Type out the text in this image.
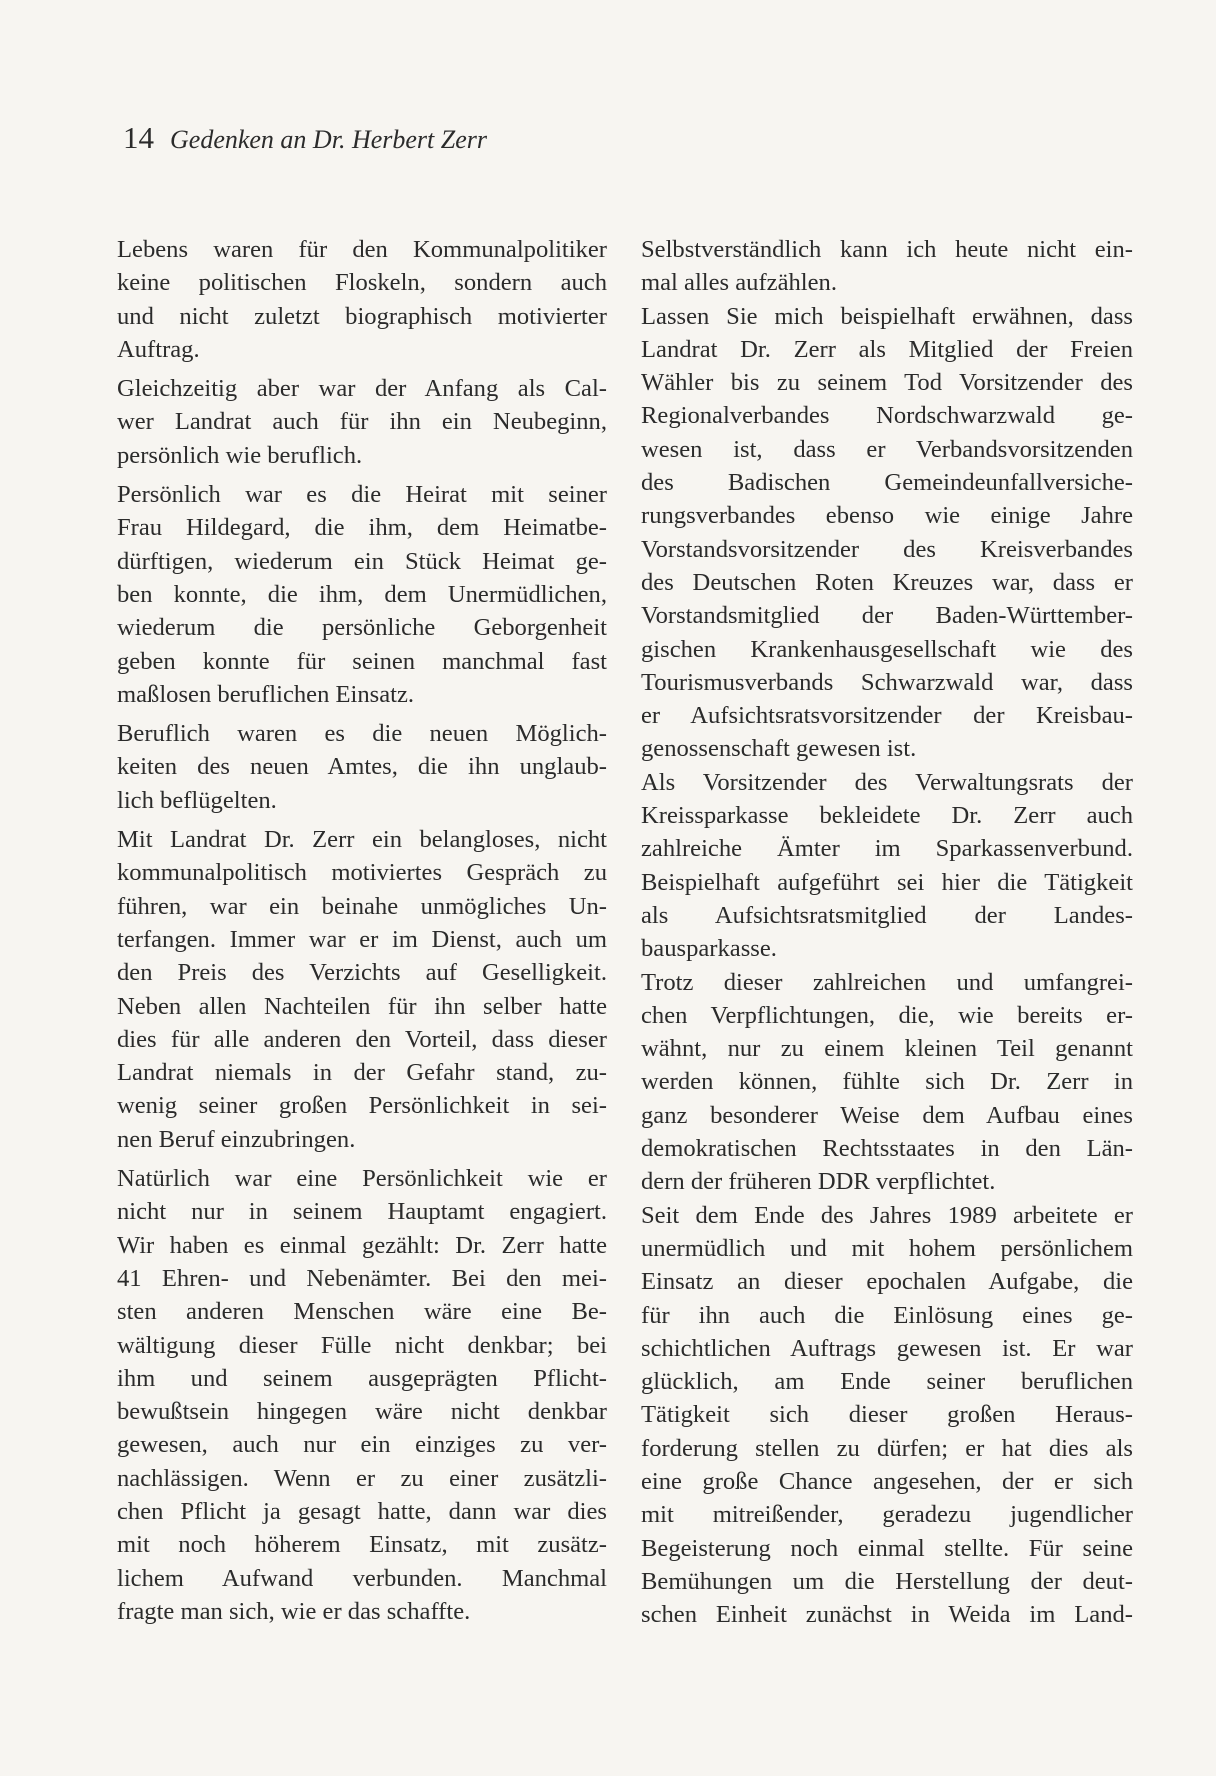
14 Gedenken an Dr. Herbert Zerr
Lebens waren für den Kommunalpolitiker
keine politischen Floskeln, sondern auch
und nicht zuletzt biographisch motivierter
Auftrag.
Gleichzeitig aber war der Anfang als Cal-
wer Landrat auch für ihn ein Neubeginn,
persönlich wie beruflich.
Persönlich war es die Heirat mit seiner
Frau Hildegard, die ihm, dem Heimatbe-
dürftigen, wiederum ein Stück Heimat ge-
ben konnte, die ihm, dem Unermüdlichen,
wiederum die persönliche Geborgenheit
geben konnte für seinen manchmal fast
maßlosen beruflichen Einsatz.
Beruflich waren es die neuen Möglich-
keiten des neuen Amtes, die ihn unglaub-
lich beflügelten.
Mit Landrat Dr. Zerr ein belangloses, nicht
kommunalpolitisch motiviertes Gespräch zu
führen, war ein beinahe unmögliches Un-
terfangen. Immer war er im Dienst, auch um
den Preis des Verzichts auf Geselligkeit.
Neben allen Nachteilen für ihn selber hatte
dies für alle anderen den Vorteil, dass dieser
Landrat niemals in der Gefahr stand, zu-
wenig seiner großen Persönlichkeit in sei-
nen Beruf einzubringen.
Natürlich war eine Persönlichkeit wie er
nicht nur in seinem Hauptamt engagiert.
Wir haben es einmal gezählt: Dr. Zerr hatte
41 Ehren- und Nebenämter. Bei den mei-
sten anderen Menschen wäre eine Be-
wältigung dieser Fülle nicht denkbar; bei
ihm und seinem ausgeprägten Pflicht-
bewußtsein hingegen wäre nicht denkbar
gewesen, auch nur ein einziges zu ver-
nachlässigen. Wenn er zu einer zusätzli-
chen Pflicht ja gesagt hatte, dann war dies
mit noch höherem Einsatz, mit zusätz-
lichem Aufwand verbunden. Manchmal
fragte man sich, wie er das schaffte.
Selbstverständlich kann ich heute nicht ein-
mal alles aufzählen.
Lassen Sie mich beispielhaft erwähnen, dass
Landrat Dr. Zerr als Mitglied der Freien
Wähler bis zu seinem Tod Vorsitzender des
Regionalverbandes Nordschwarzwald ge-
wesen ist, dass er Verbandsvorsitzenden
des Badischen Gemeindeunfallversiche-
rungsverbandes ebenso wie einige Jahre
Vorstandsvorsitzender des Kreisverbandes
des Deutschen Roten Kreuzes war, dass er
Vorstandsmitglied der Baden-Württember-
gischen Krankenhausgesellschaft wie des
Tourismusverbands Schwarzwald war, dass
er Aufsichtsratsvorsitzender der Kreisbau-
genossenschaft gewesen ist.
Als Vorsitzender des Verwaltungsrats der
Kreissparkasse bekleidete Dr. Zerr auch
zahlreiche Ämter im Sparkassenverbund.
Beispielhaft aufgeführt sei hier die Tätigkeit
als Aufsichtsratsmitglied der Landes-
bausparkasse.
Trotz dieser zahlreichen und umfangrei-
chen Verpflichtungen, die, wie bereits er-
wähnt, nur zu einem kleinen Teil genannt
werden können, fühlte sich Dr. Zerr in
ganz besonderer Weise dem Aufbau eines
demokratischen Rechtsstaates in den Län-
dern der früheren DDR verpflichtet.
Seit dem Ende des Jahres 1989 arbeitete er
unermüdlich und mit hohem persönlichem
Einsatz an dieser epochalen Aufgabe, die
für ihn auch die Einlösung eines ge-
schichtlichen Auftrags gewesen ist. Er war
glücklich, am Ende seiner beruflichen
Tätigkeit sich dieser großen Heraus-
forderung stellen zu dürfen; er hat dies als
eine große Chance angesehen, der er sich
mit mitreißender, geradezu jugendlicher
Begeisterung noch einmal stellte. Für seine
Bemühungen um die Herstellung der deut-
schen Einheit zunächst in Weida im Land-
